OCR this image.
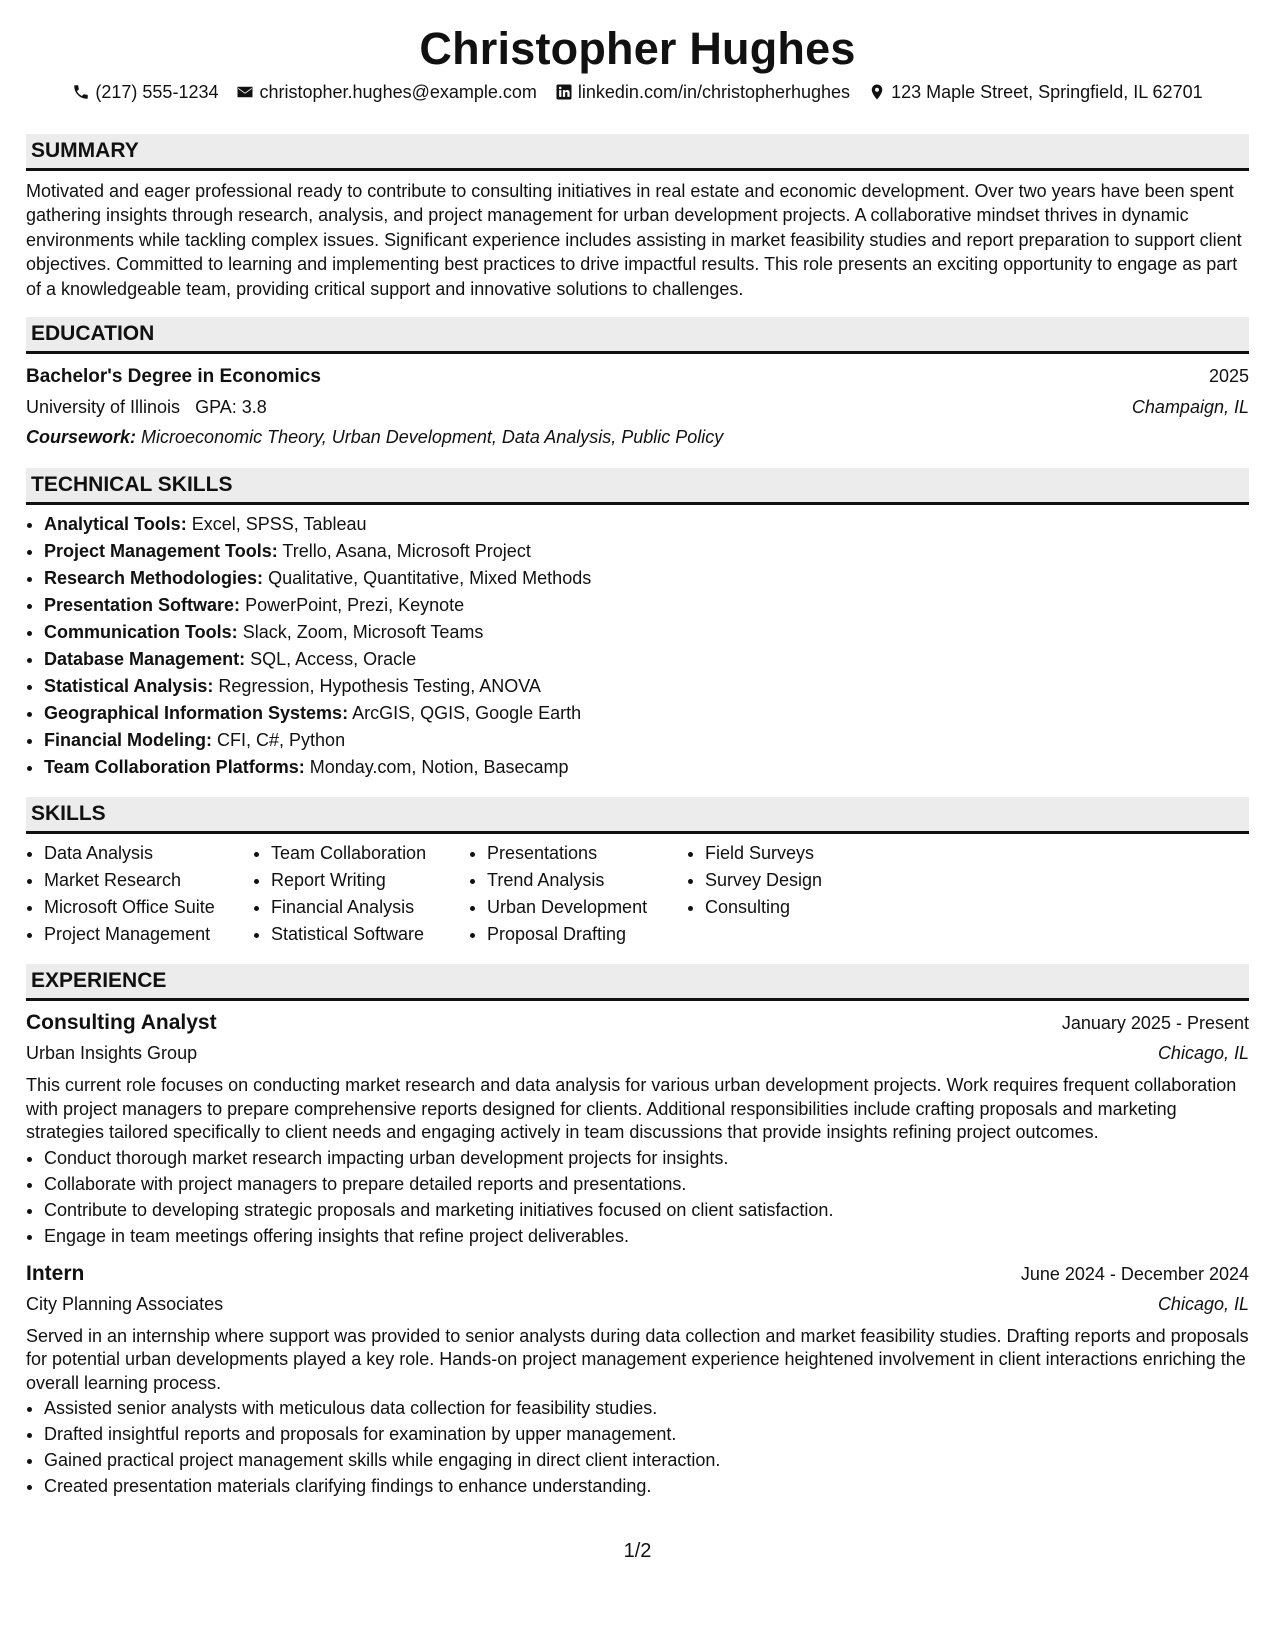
Christopher Hughes
(217) 555-1234 christopher.hughes@example.com linkedin.com/in/christopherhughes 123 Maple Street, Springfield, IL 62701
SUMMARY

Motivated and eager professional ready to contribute to consulting initiatives in real estate and economic development. Over two years have been spent gathering insights through research, analysis, and project management for urban development projects. A collaborative mindset thrives in dynamic environments while tackling complex issues. Significant experience includes assisting in market feasibility studies and report preparation to support client objectives. Committed to learning and implementing best practices to drive impactful results. This role presents an exciting opportunity to engage as part of a knowledgeable team, providing critical support and innovative solutions to challenges.

EDUCATION
Bachelor's Degree in Economics	2025
University of Illinois GPA: 3.8	Champaign, IL
Coursework: Microeconomic Theory, Urban Development, Data Analysis, Public Policy
TECHNICAL SKILLS
• Analytical Tools: Excel, SPSS, Tableau
• Project Management Tools: Trello, Asana, Microsoft Project
• Research Methodologies: Qualitative, Quantitative, Mixed Methods
• Presentation Software: PowerPoint, Prezi, Keynote
• Communication Tools: Slack, Zoom, Microsoft Teams
• Database Management: SQL, Access, Oracle
• Statistical Analysis: Regression, Hypothesis Testing, ANOVA
• Geographical Information Systems: ArcGIS, QGIS, Google Earth
• Financial Modeling: CFI, C#, Python
• Team Collaboration Platforms: Monday.com, Notion, Basecamp
SKILLS
• Data Analysis
• Market Research
• Microsoft Office Suite
• Project Management
• Team Collaboration
• Report Writing
• Financial Analysis
• Statistical Software
• Presentations
• Trend Analysis
• Urban Development
• Proposal Drafting
• Field Surveys
• Survey Design
• Consulting
EXPERIENCE
Consulting Analyst	January 2025 - Present
Urban Insights Group	Chicago, IL

This current role focuses on conducting market research and data analysis for various urban development projects. Work requires frequent collaboration with project managers to prepare comprehensive reports designed for clients. Additional responsibilities include crafting proposals and marketing strategies tailored specifically to client needs and engaging actively in team discussions that provide insights refining project outcomes.

• Conduct thorough market research impacting urban development projects for insights.
• Collaborate with project managers to prepare detailed reports and presentations.
• Contribute to developing strategic proposals and marketing initiatives focused on client satisfaction.
• Engage in team meetings offering insights that refine project deliverables.
Intern	June 2024 - December 2024
City Planning Associates	Chicago, IL

Served in an internship where support was provided to senior analysts during data collection and market feasibility studies. Drafting reports and proposals for potential urban developments played a key role. Hands-on project management experience heightened involvement in client interactions enriching the overall learning process.

• Assisted senior analysts with meticulous data collection for feasibility studies.
• Drafted insightful reports and proposals for examination by upper management.
• Gained practical project management skills while engaging in direct client interaction.
• Created presentation materials clarifying findings to enhance understanding.
1/2
